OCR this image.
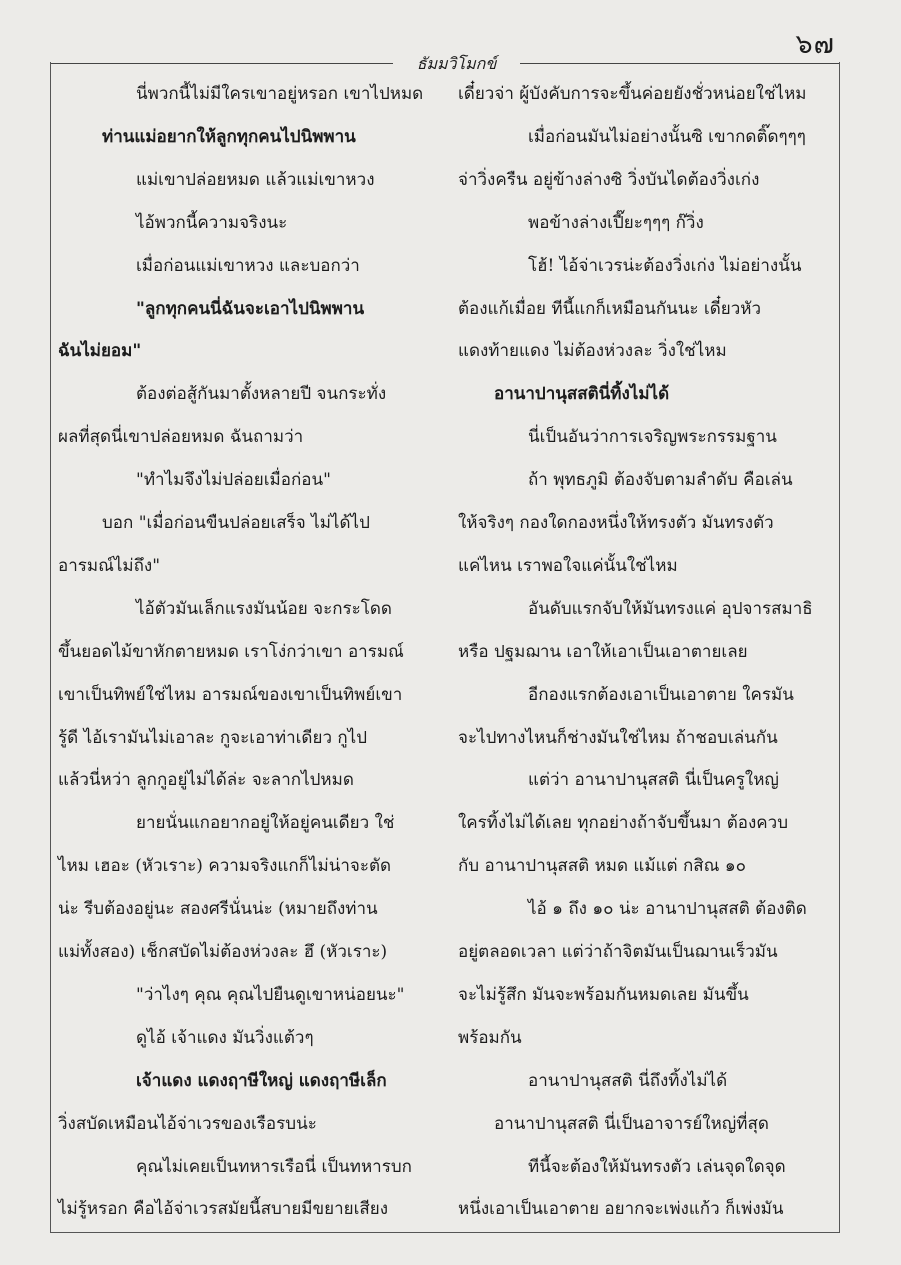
๖๗
ธัมมวิโมกข์
นี่พวกนี้ไม่มีใครเขาอยู่หรอก เขาไปหมด
ท่านแม่อยากให้ลูกทุกคนไปนิพพาน
แม่เขาปล่อยหมด แล้วแม่เขาหวง
ไอ้พวกนี้ความจริงนะ
เมื่อก่อนแม่เขาหวง และบอกว่า
"ลูกทุกคนนี่ฉันจะเอาไปนิพพาน
ฉันไม่ยอม"
ต้องต่อสู้กันมาตั้งหลายปี จนกระทั่ง
ผลที่สุดนี่เขาปล่อยหมด ฉันถามว่า
"ทำไมจึงไม่ปล่อยเมื่อก่อน"
บอก "เมื่อก่อนขืนปล่อยเสร็จ ไม่ได้ไป
อารมณ์ไม่ถึง"
ไอ้ตัวมันเล็กแรงมันน้อย จะกระโดด
ขึ้นยอดไม้ขาหักตายหมด เราโง่กว่าเขา อารมณ์
เขาเป็นทิพย์ใช่ไหม อารมณ์ของเขาเป็นทิพย์เขา
รู้ดี ไอ้เรามันไม่เอาละ กูจะเอาท่าเดียว กูไป
แล้วนี่หว่า ลูกกูอยู่ไม่ได้ล่ะ จะลากไปหมด
ยายนั่นแกอยากอยู่ให้อยู่คนเดียว ใช่
ไหม เฮอะ (หัวเราะ) ความจริงแกก็ไม่น่าจะตัด
น่ะ รีบต้องอยู่นะ สองศรีนั่นน่ะ (หมายถึงท่าน
แม่ทั้งสอง) เช็กสบัดไม่ต้องห่วงละ ฮึ (หัวเราะ)
"ว่าไงๆ คุณ คุณไปยืนดูเขาหน่อยนะ"
ดูไอ้ เจ้าแดง มันวิ่งแต้วๆ
เจ้าแดง แดงฤาษีใหญ่ แดงฤาษีเล็ก
วิ่งสบัดเหมือนไอ้จ่าเวรของเรือรบน่ะ
คุณไม่เคยเป็นทหารเรือนี่ เป็นทหารบก
ไม่รู้หรอก คือไอ้จ่าเวรสมัยนี้สบายมีขยายเสียง
เดี๋ยวจ่า ผู้บังคับการจะขึ้นค่อยยังชั่วหน่อยใช่ไหม
เมื่อก่อนมันไม่อย่างนั้นซิ เขากดติ๊ดๆๆๆ
จ่าวิ่งครืน อยู่ข้างล่างซิ วิ่งบันไดต้องวิ่งเก่ง
พอข้างล่างเปี๊ยะๆๆๆ ก๊วิ่ง
โฮ้! ไอ้จ่าเวรน่ะต้องวิ่งเก่ง ไม่อย่างนั้น
ต้องแก้เมื่อย ทีนี้แกก็เหมือนกันนะ เดี๋ยวหัว
แดงท้ายแดง ไม่ต้องห่วงละ วิ่งใช่ไหม
อานาปานุสสตินี่ทิ้งไม่ได้
นี่เป็นอันว่าการเจริญพระกรรมฐาน
ถ้า พุทธภูมิ ต้องจับตามลำดับ คือเล่น
ให้จริงๆ กองใดกองหนึ่งให้ทรงตัว มันทรงตัว
แค่ไหน เราพอใจแค่นั้นใช่ไหม
อันดับแรกจับให้มันทรงแค่ อุปจารสมาธิ
หรือ ปฐมฌาน เอาให้เอาเป็นเอาตายเลย
อีกองแรกต้องเอาเป็นเอาตาย ใครมัน
จะไปทางไหนก็ช่างมันใช่ไหม ถ้าชอบเล่นกัน
แต่ว่า อานาปานุสสติ นี่เป็นครูใหญ่
ใครทิ้งไม่ได้เลย ทุกอย่างถ้าจับขึ้นมา ต้องควบ
กับ อานาปานุสสติ หมด แม้แต่ กสิณ ๑๐
ไอ้ ๑ ถึง ๑๐ น่ะ อานาปานุสสติ ต้องติด
อยู่ตลอดเวลา แต่ว่าถ้าจิตมันเป็นฌานเร็วมัน
จะไม่รู้สึก มันจะพร้อมกันหมดเลย มันขึ้น
พร้อมกัน
อานาปานุสสติ นี่ถึงทิ้งไม่ได้
อานาปานุสสติ นี่เป็นอาจารย์ใหญ่ที่สุด
ทีนี้จะต้องให้มันทรงตัว เล่นจุดใดจุด
หนึ่งเอาเป็นเอาตาย อยากจะเพ่งแก้ว ก็เพ่งมัน
